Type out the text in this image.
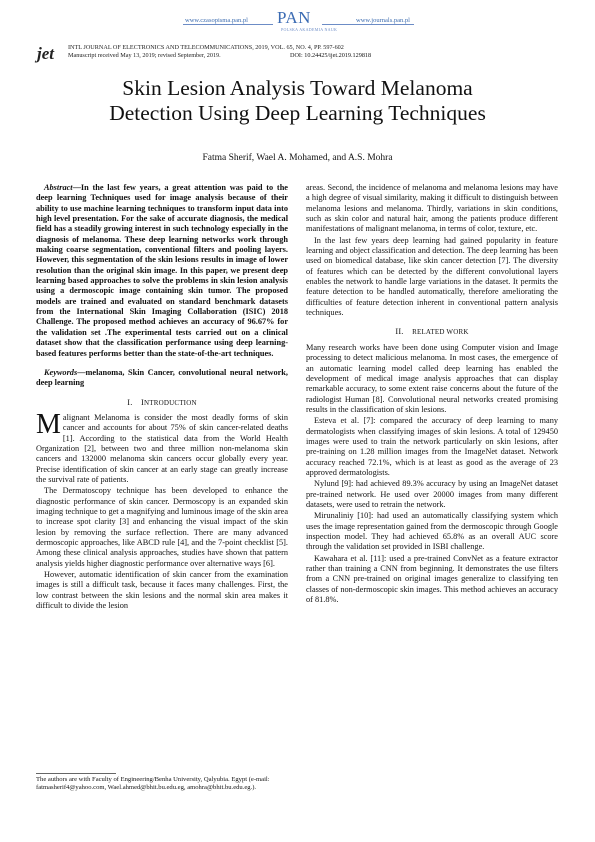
www.czasopisma.pan.pl PAN
POLSKA AKADEMIA NAUK
www.journals.pan.pl
jet INTL JOURNAL OF ELECTRONICS AND TELECOMMUNICATIONS, 2019, VOL. 65, NO. 4, PP. 597-602
Manuscript received May 13, 2019; revised September, 2019.	DOI: 10.24425/ijet.2019.129818
Skin Lesion Analysis Toward Melanoma
Detection Using Deep Learning Techniques
Fatma Sherif, Wael A. Mohamed, and A.S. Mohra

Abstract—In the last few years, a great attention was paid to the deep learning Techniques used for image analysis because of their ability to use machine learning techniques to transform input data into high level presentation. For the sake of accurate diagnosis, the medical field has a steadily growing interest in such technology especially in the diagnosis of melanoma. These deep learning networks work through making coarse segmentation, conventional filters and pooling layers. However, this segmentation of the skin lesions results in image of lower resolution than the original skin image. In this paper, we present deep learning based approaches to solve the problems in skin lesion analysis using a dermoscopic image containing skin tumor. The proposed models are trained and evaluated on standard benchmark datasets from the International Skin Imaging Collaboration (ISIC) 2018 Challenge. The proposed method achieves an accuracy of 96.67% for the validation set .The experimental tests carried out on a clinical dataset show that the classification performance using deep learning-based features performs better than the state-of-the-art techniques.

Keywords—melanoma, Skin Cancer, convolutional neural network, deep learning

I.  INTRODUCTION

Malignant Melanoma is consider the most deadly forms of skin cancer and accounts for about 75% of skin cancer-related deaths [1]. According to the statistical data from the World Health Organization [2], between two and three million non-melanoma skin cancers and 132000 melanoma skin cancers occur globally every year. Precise identification of skin cancer at an early stage can greatly increase the survival rate of patients.

The Dermatoscopy technique has been developed to enhance the diagnostic performance of skin cancer. Dermoscopy is an expanded skin imaging technique to get a magnifying and luminous image of the skin area to increase spot clarity [3] and enhancing the visual impact of the skin lesion by removing the surface reflection. There are many advanced dermoscopic approaches, like ABCD rule [4], and the 7-point checklist [5]. Among these clinical analysis approaches, studies have shown that pattern analysis yields higher diagnostic performance over alternative ways [6].

However, automatic identification of skin cancer from the examination images is still a difficult task, because it faces many challenges. First, the low contrast between the skin lesions and the normal skin area makes it difficult to divide the lesion

areas. Second, the incidence of melanoma and melanoma lesions may have a high degree of visual similarity, making it difficult to distinguish between melanoma lesions and melanoma. Thirdly, variations in skin conditions, such as skin color and natural hair, among the patients produce different manifestations of malignant melanoma, in terms of color, texture, etc.

In the last few years deep learning had gained popularity in feature learning and object classification and detection. The deep learning has been used on biomedical database, like skin cancer detection [7]. The diversity of features which can be detected by the different convolutional layers enables the network to handle large variations in the dataset. It permits the feature detection to be handled automatically, therefore ameliorating the difficulties of feature detection inherent in conventional pattern analysis techniques.

II.  RELATED WORK

Many research works have been done using Computer vision and Image processing to detect malicious melanoma. In most cases, the emergence of an automatic learning model called deep learning has enabled the development of medical image analysis approaches that can display remarkable accuracy, to some extent raise concerns about the future of the radiologist Human [8]. Convolutional neural networks created promising results in the classification of skin lesions.

Esteva et al. [7]: compared the accuracy of deep learning to many dermatologists when classifying images of skin lesions. A total of 129450 images were used to train the network particularly on skin lesions, after pre-training on 1.28 million images from the ImageNet dataset. Network accuracy reached 72.1%, which is at least as good as the average of 23 approved dermatologists.

Nylund [9]: had achieved 89.3% accuracy by using an ImageNet dataset pre-trained network. He used over 20000 images from many different datasets, were used to retrain the network.

Mirunaliniy [10]: had used an automatically classifying system which uses the image representation gained from the dermoscopic through Google inspection model. They had achieved 65.8% as an overall AUC score through the validation set provided in ISBI challenge.

Kawahara et al. [11]: used a pre-trained ConvNet as a feature extractor rather than training a CNN from beginning. It demonstrates the use filters from a CNN pre-trained on original images generalize to classifying ten classes of non-dermoscopic skin images. This method achieves an accuracy of 81.8%.

The authors are with Faculty of Engineering/Benha University, Qalyubia. Egypt (e-mail: fatmasherif4@yahoo.com, Wael.ahmed@bhit.bu.edu.eg, amohra@bhit.bu.edu.eg.).
